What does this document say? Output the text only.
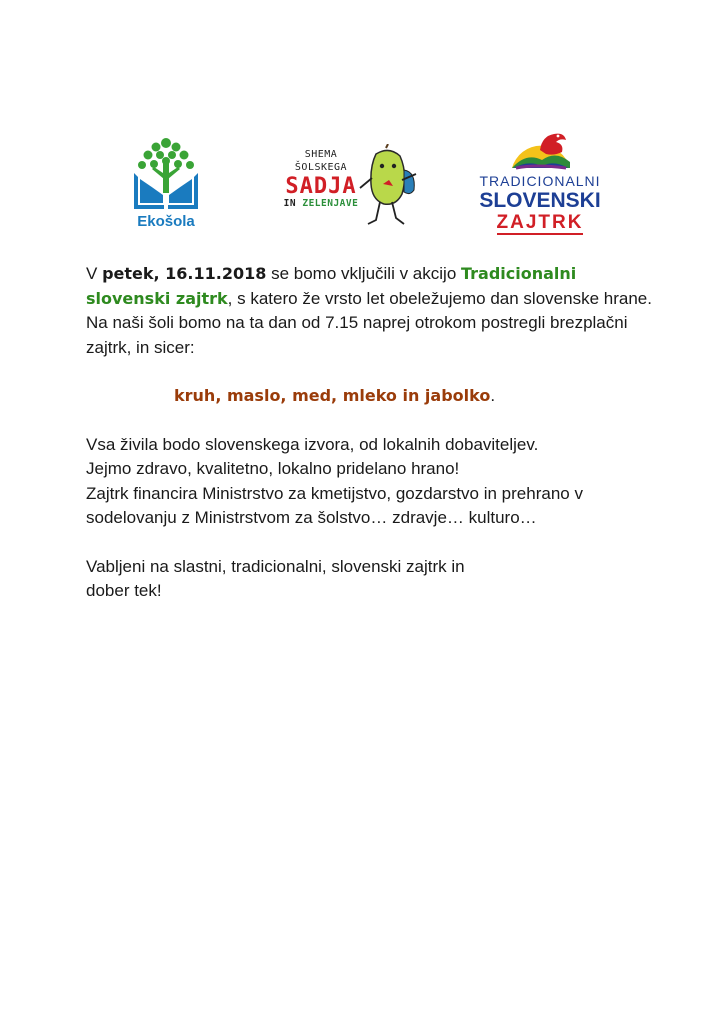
Ekošola
SHEMA
ŠOLSKEGA
SADJA
IN ZELENJAVE
TRADICIONALNI
SLOVENSKI
ZAJTRK

V petek, 16.11.2018 se bomo vključili v akcijo Tradicionalni slovenski zajtrk, s katero že vrsto let obeležujemo dan slovenske hrane.

Na naši šoli bomo na ta dan od 7.15 naprej otrokom postregli brezplačni zajtrk, in sicer:

kruh, maslo, med, mleko in jabolko.

Vsa živila bodo slovenskega izvora, od lokalnih dobaviteljev.

Jejmo zdravo, kvalitetno, lokalno pridelano hrano!

Zajtrk financira Ministrstvo za kmetijstvo, gozdarstvo in prehrano v sodelovanju z Ministrstvom za šolstvo… zdravje… kulturo…

Vabljeni na slastni, tradicionalni, slovenski zajtrk in

dober tek!
